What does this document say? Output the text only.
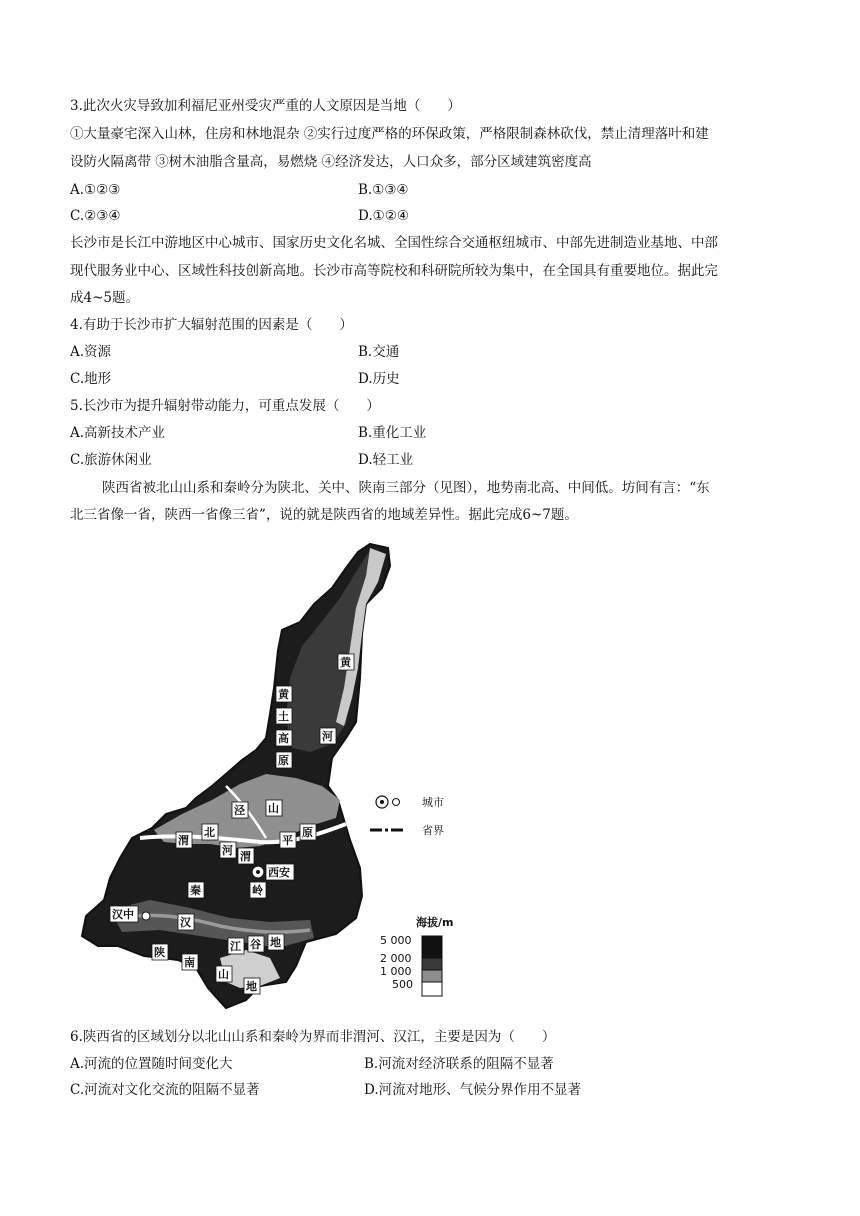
3.此次火灾导致加利福尼亚州受灾严重的人文原因是当地（　　）
①大量豪宅深入山林，住房和林地混杂 ②实行过度严格的环保政策，严格限制森林砍伐，禁止清理落叶和建
设防火隔离带 ③树木油脂含量高，易燃烧 ④经济发达，人口众多，部分区域建筑密度高
A.①②③	B.①③④
C.②③④	D.①②④
长沙市是长江中游地区中心城市、国家历史文化名城、全国性综合交通枢纽城市、中部先进制造业基地、中部
现代服务业中心、区域性科技创新高地。长沙市高等院校和科研院所较为集中，在全国具有重要地位。据此完
成4~5题。
4.有助于长沙市扩大辐射范围的因素是（　　）
A.资源	B.交通
C.地形	D.历史
5.长沙市为提升辐射带动能力，可重点发展（　　）
A.高新技术产业	B.重化工业
C.旅游休闲业	D.轻工业
陕西省被北山山系和秦岭分为陕北、关中、陕南三部分（见图），地势南北高、中间低。坊间有言：“东
北三省像一省，陕西一省像三省”，说的就是陕西省的地域差异性。据此完成6~7题。
黄
黄
土
高
原
河
泾 山
北
渭
河 渭
平
原
西安
秦	岭
汉中
汉
江 谷 地
陕
南
山
地
城市
省界
海拔/m
5 000
2 000
1 000
500
6.陕西省的区域划分以北山山系和秦岭为界而非渭河、汉江，主要是因为（　　）
A.河流的位置随时间变化大	B.河流对经济联系的阻隔不显著
C.河流对文化交流的阻隔不显著	D.河流对地形、气候分界作用不显著
